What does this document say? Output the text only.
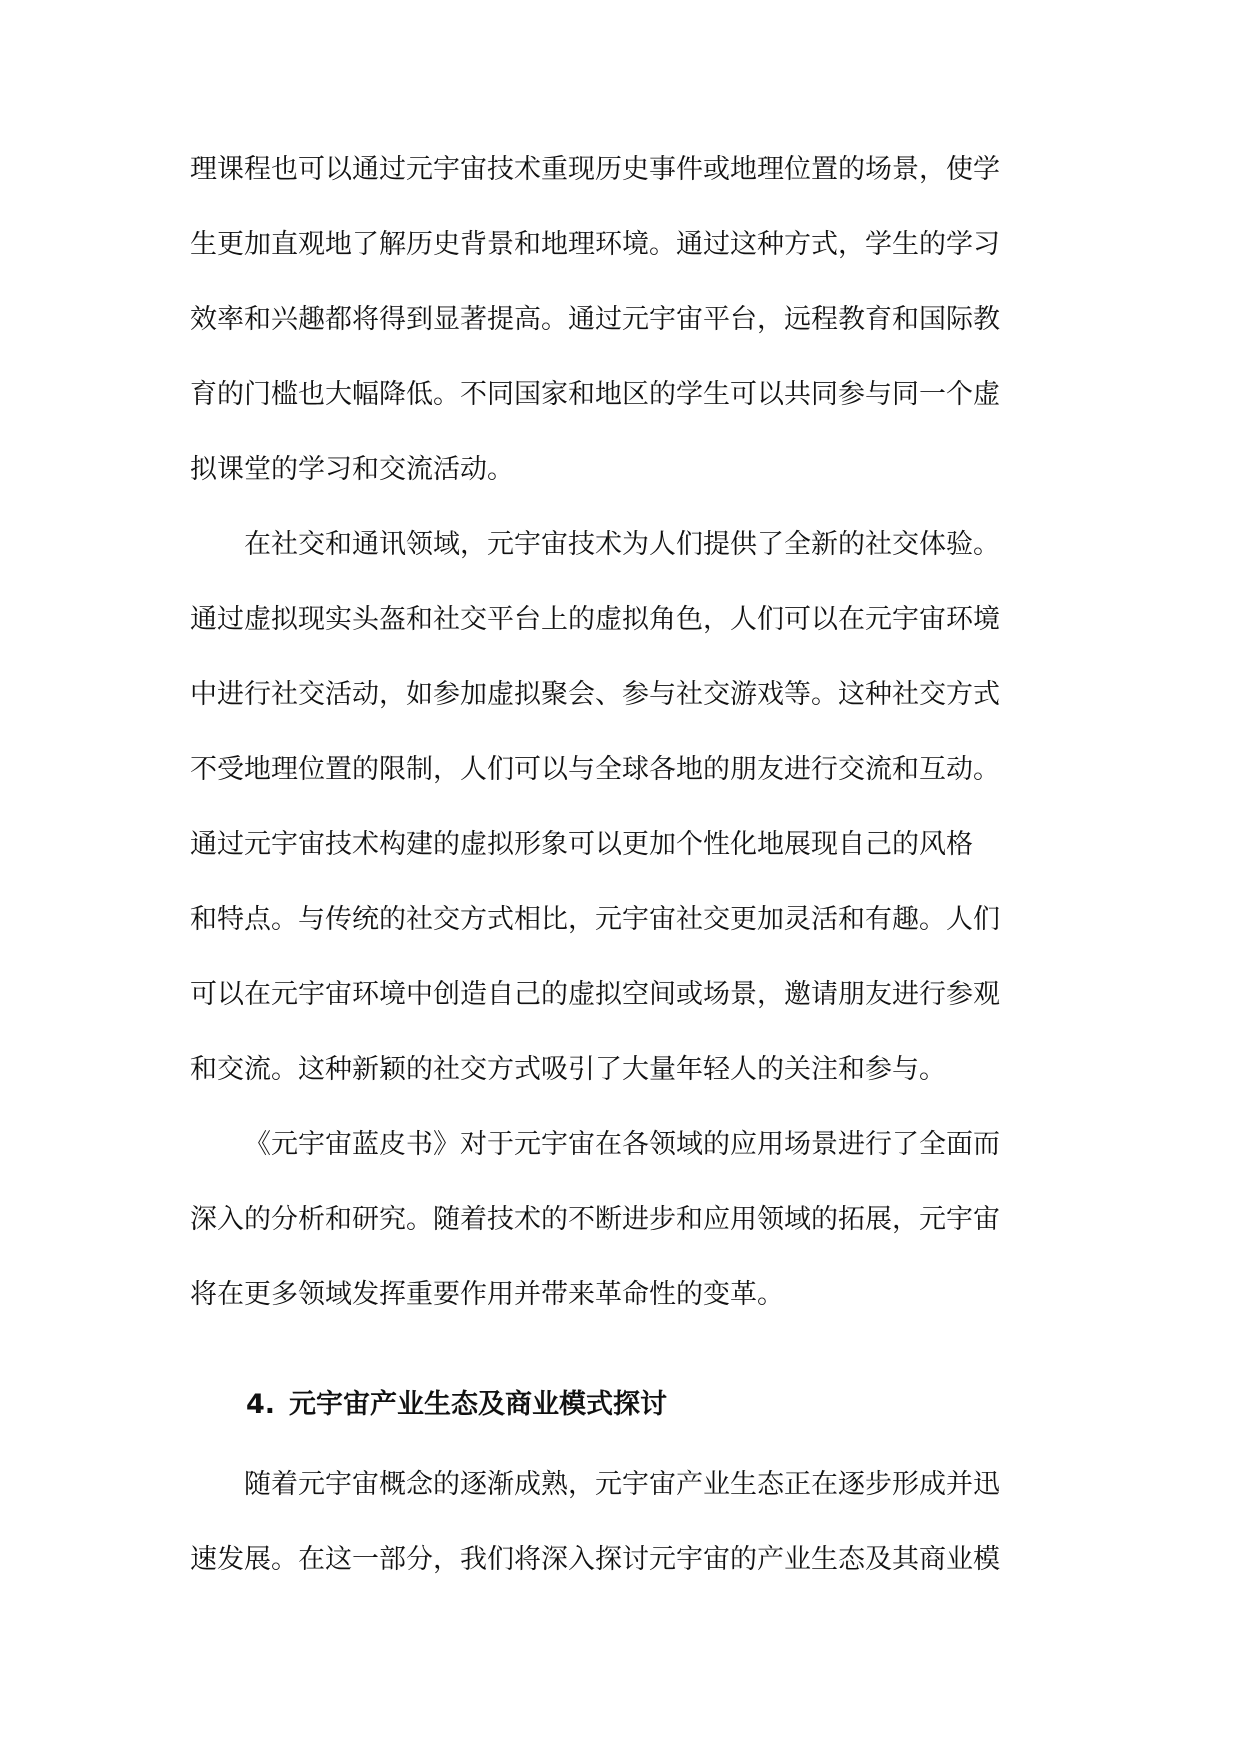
理课程也可以通过元宇宙技术重现历史事件或地理位置的场景，使学
生更加直观地了解历史背景和地理环境。通过这种方式，学生的学习
效率和兴趣都将得到显著提高。通过元宇宙平台，远程教育和国际教
育的门槛也大幅降低。不同国家和地区的学生可以共同参与同一个虚
拟课堂的学习和交流活动。
在社交和通讯领域，元宇宙技术为人们提供了全新的社交体验。
通过虚拟现实头盔和社交平台上的虚拟角色，人们可以在元宇宙环境
中进行社交活动，如参加虚拟聚会、参与社交游戏等。这种社交方式
不受地理位置的限制，人们可以与全球各地的朋友进行交流和互动。
通过元宇宙技术构建的虚拟形象可以更加个性化地展现自己的风格
和特点。与传统的社交方式相比，元宇宙社交更加灵活和有趣。人们
可以在元宇宙环境中创造自己的虚拟空间或场景，邀请朋友进行参观
和交流。这种新颖的社交方式吸引了大量年轻人的关注和参与。
《元宇宙蓝皮书》对于元宇宙在各领域的应用场景进行了全面而
深入的分析和研究。随着技术的不断进步和应用领域的拓展，元宇宙
将在更多领域发挥重要作用并带来革命性的变革。
4. 元宇宙产业生态及商业模式探讨
随着元宇宙概念的逐渐成熟，元宇宙产业生态正在逐步形成并迅
速发展。在这一部分，我们将深入探讨元宇宙的产业生态及其商业模
